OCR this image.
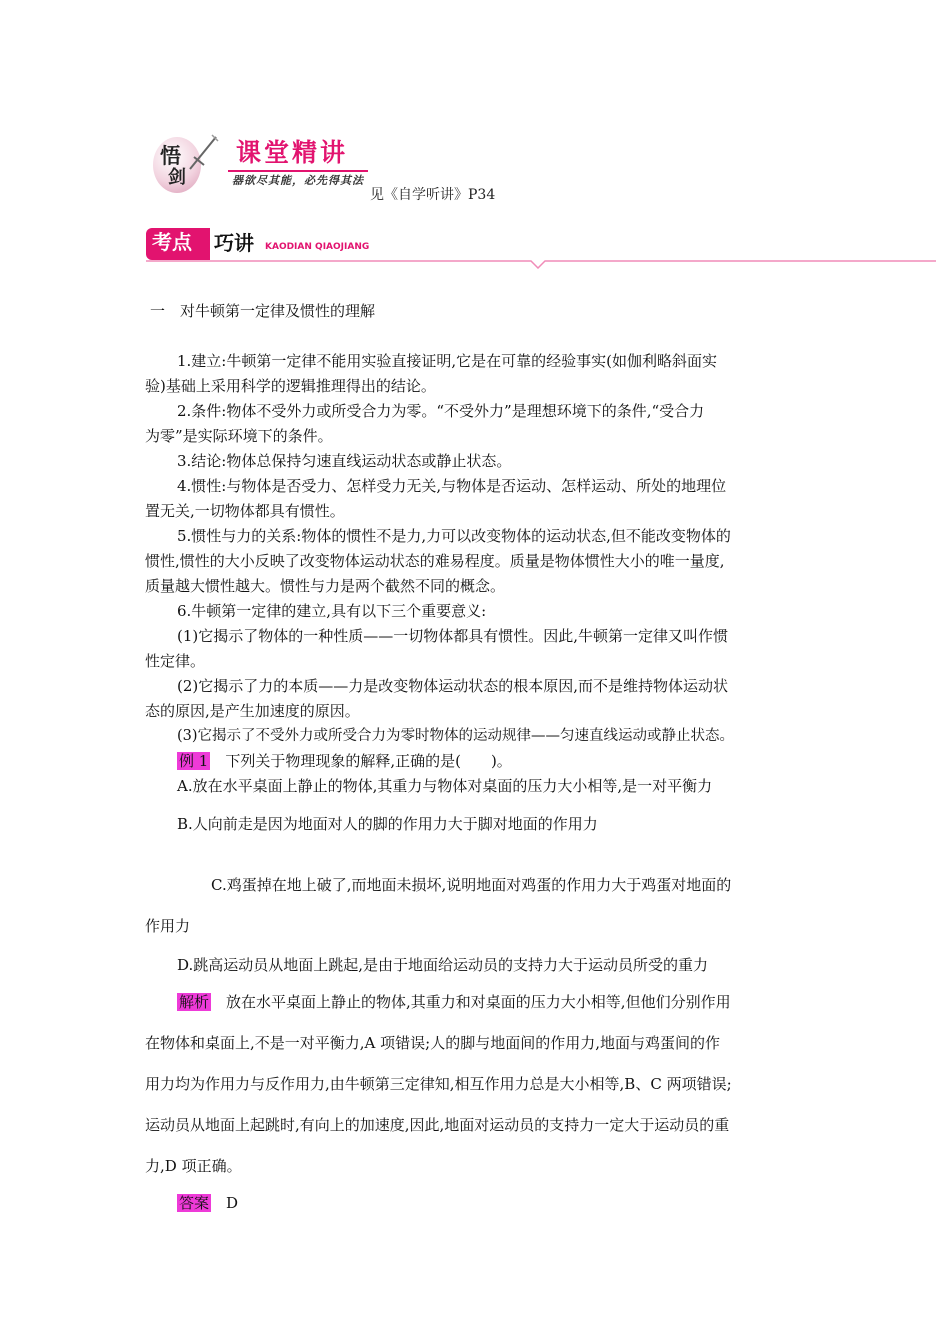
悟
剑
课堂精讲
器欲尽其能，必先得其法
见《自学听讲》P34
考点 巧讲 KAODIAN QIAOJIANG
一　对牛顿第一定律及惯性的理解
1.建立:牛顿第一定律不能用实验直接证明,它是在可靠的经验事实(如伽利略斜面实
验)基础上采用科学的逻辑推理得出的结论。
2.条件:物体不受外力或所受合力为零。“不受外力”是理想环境下的条件,“受合力
为零”是实际环境下的条件。
3.结论:物体总保持匀速直线运动状态或静止状态。
4.惯性:与物体是否受力、怎样受力无关,与物体是否运动、怎样运动、所处的地理位
置无关,一切物体都具有惯性。
5.惯性与力的关系:物体的惯性不是力,力可以改变物体的运动状态,但不能改变物体的
惯性,惯性的大小反映了改变物体运动状态的难易程度。质量是物体惯性大小的唯一量度,
质量越大惯性越大。惯性与力是两个截然不同的概念。
6.牛顿第一定律的建立,具有以下三个重要意义:
(1)它揭示了物体的一种性质——一切物体都具有惯性。因此,牛顿第一定律又叫作惯
性定律。
(2)它揭示了力的本质——力是改变物体运动状态的根本原因,而不是维持物体运动状
态的原因,是产生加速度的原因。
(3)它揭示了不受外力或所受合力为零时物体的运动规律——匀速直线运动或静止状态。
例 1　 下列关于物理现象的解释,正确的是(　　)。
A.放在水平桌面上静止的物体,其重力与物体对桌面的压力大小相等,是一对平衡力
B.人向前走是因为地面对人的脚的作用力大于脚对地面的作用力
C.鸡蛋掉在地上破了,而地面未损坏,说明地面对鸡蛋的作用力大于鸡蛋对地面的
作用力
D.跳高运动员从地面上跳起,是由于地面给运动员的支持力大于运动员所受的重力
解析　 放在水平桌面上静止的物体,其重力和对桌面的压力大小相等,但他们分别作用
在物体和桌面上,不是一对平衡力,A 项错误;人的脚与地面间的作用力,地面与鸡蛋间的作
用力均为作用力与反作用力,由牛顿第三定律知,相互作用力总是大小相等,B、C 两项错误;
运动员从地面上起跳时,有向上的加速度,因此,地面对运动员的支持力一定大于运动员的重
力,D 项正确。
答案　 D
